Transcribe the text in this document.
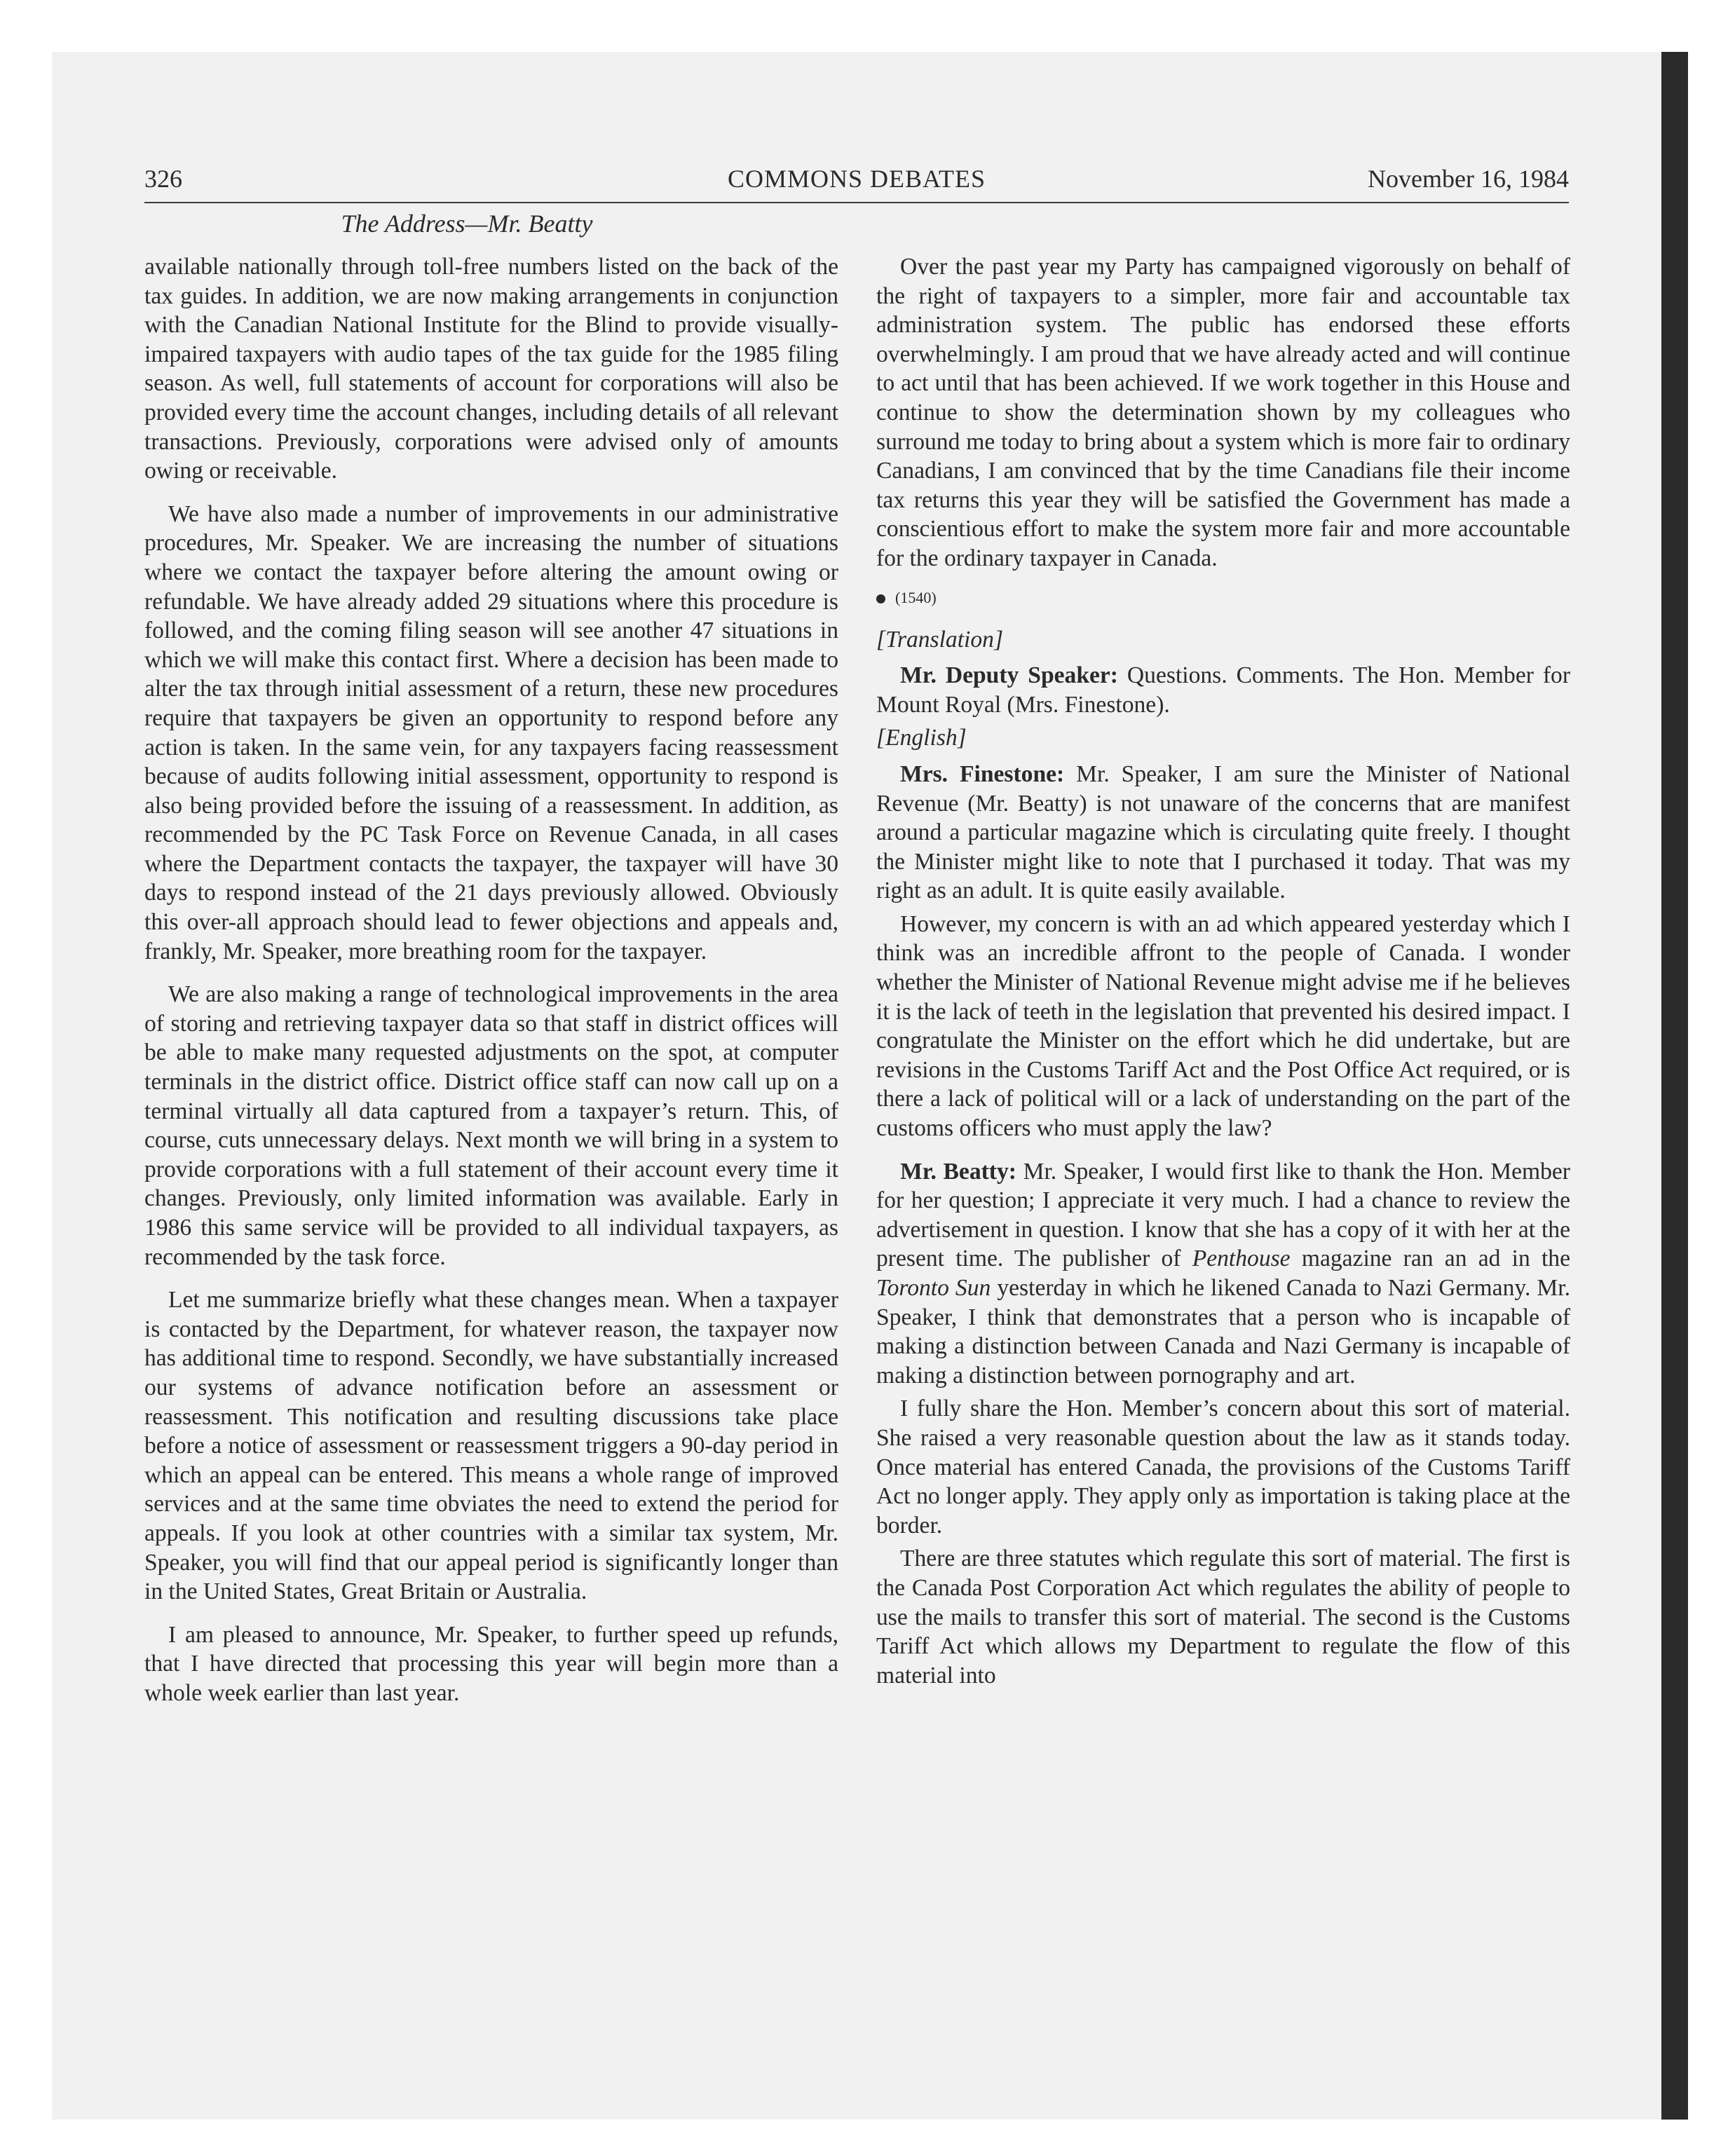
326	COMMONS DEBATES	November 16, 1984
The Address—Mr. Beatty

available nationally through toll-free numbers listed on the back of the tax guides. In addition, we are now making arrangements in conjunction with the Canadian National Institute for the Blind to provide visually-impaired taxpayers with audio tapes of the tax guide for the 1985 filing season. As well, full statements of account for corporations will also be provided every time the account changes, including details of all relevant transactions. Previously, corporations were advised only of amounts owing or receivable.

We have also made a number of improvements in our administrative procedures, Mr. Speaker. We are increasing the number of situations where we contact the taxpayer before altering the amount owing or refundable. We have already added 29 situations where this procedure is followed, and the coming filing season will see another 47 situations in which we will make this contact first. Where a decision has been made to alter the tax through initial assessment of a return, these new procedures require that taxpayers be given an opportunity to respond before any action is taken. In the same vein, for any taxpayers facing reassessment because of audits following initial assessment, opportunity to respond is also being provided before the issuing of a reassessment. In addition, as recommended by the PC Task Force on Revenue Canada, in all cases where the Department contacts the taxpayer, the taxpayer will have 30 days to respond instead of the 21 days previously allowed. Obviously this over-all approach should lead to fewer objections and appeals and, frankly, Mr. Speaker, more breathing room for the taxpayer.

We are also making a range of technological improvements in the area of storing and retrieving taxpayer data so that staff in district offices will be able to make many requested adjustments on the spot, at computer terminals in the district office. District office staff can now call up on a terminal virtually all data captured from a taxpayer’s return. This, of course, cuts unnecessary delays. Next month we will bring in a system to provide corporations with a full statement of their account every time it changes. Previously, only limited information was available. Early in 1986 this same service will be provided to all individual taxpayers, as recommended by the task force.

Let me summarize briefly what these changes mean. When a taxpayer is contacted by the Department, for whatever reason, the taxpayer now has additional time to respond. Secondly, we have substantially increased our systems of advance notification before an assessment or reassessment. This notification and resulting discussions take place before a notice of assessment or reassessment triggers a 90-day period in which an appeal can be entered. This means a whole range of improved services and at the same time obviates the need to extend the period for appeals. If you look at other countries with a similar tax system, Mr. Speaker, you will find that our appeal period is significantly longer than in the United States, Great Britain or Australia.

I am pleased to announce, Mr. Speaker, to further speed up refunds, that I have directed that processing this year will begin more than a whole week earlier than last year.

Over the past year my Party has campaigned vigorously on behalf of the right of taxpayers to a simpler, more fair and accountable tax administration system. The public has endorsed these efforts overwhelmingly. I am proud that we have already acted and will continue to act until that has been achieved. If we work together in this House and continue to show the determination shown by my colleagues who surround me today to bring about a system which is more fair to ordinary Canadians, I am convinced that by the time Canadians file their income tax returns this year they will be satisfied the Government has made a conscientious effort to make the system more fair and more accountable for the ordinary taxpayer in Canada.

(1540)
[Translation]

Mr. Deputy Speaker: Questions. Comments. The Hon. Member for Mount Royal (Mrs. Finestone).

[English]

Mrs. Finestone: Mr. Speaker, I am sure the Minister of National Revenue (Mr. Beatty) is not unaware of the concerns that are manifest around a particular magazine which is circulating quite freely. I thought the Minister might like to note that I purchased it today. That was my right as an adult. It is quite easily available.

However, my concern is with an ad which appeared yesterday which I think was an incredible affront to the people of Canada. I wonder whether the Minister of National Revenue might advise me if he believes it is the lack of teeth in the legislation that prevented his desired impact. I congratulate the Minister on the effort which he did undertake, but are revisions in the Customs Tariff Act and the Post Office Act required, or is there a lack of political will or a lack of understanding on the part of the customs officers who must apply the law?

Mr. Beatty: Mr. Speaker, I would first like to thank the Hon. Member for her question; I appreciate it very much. I had a chance to review the advertisement in question. I know that she has a copy of it with her at the present time. The publisher of Penthouse magazine ran an ad in the Toronto Sun yesterday in which he likened Canada to Nazi Germany. Mr. Speaker, I think that demonstrates that a person who is incapable of making a distinction between Canada and Nazi Germany is incapable of making a distinction between pornography and art.

I fully share the Hon. Member’s concern about this sort of material. She raised a very reasonable question about the law as it stands today. Once material has entered Canada, the provisions of the Customs Tariff Act no longer apply. They apply only as importation is taking place at the border.

There are three statutes which regulate this sort of material. The first is the Canada Post Corporation Act which regulates the ability of people to use the mails to transfer this sort of material. The second is the Customs Tariff Act which allows my Department to regulate the flow of this material into
